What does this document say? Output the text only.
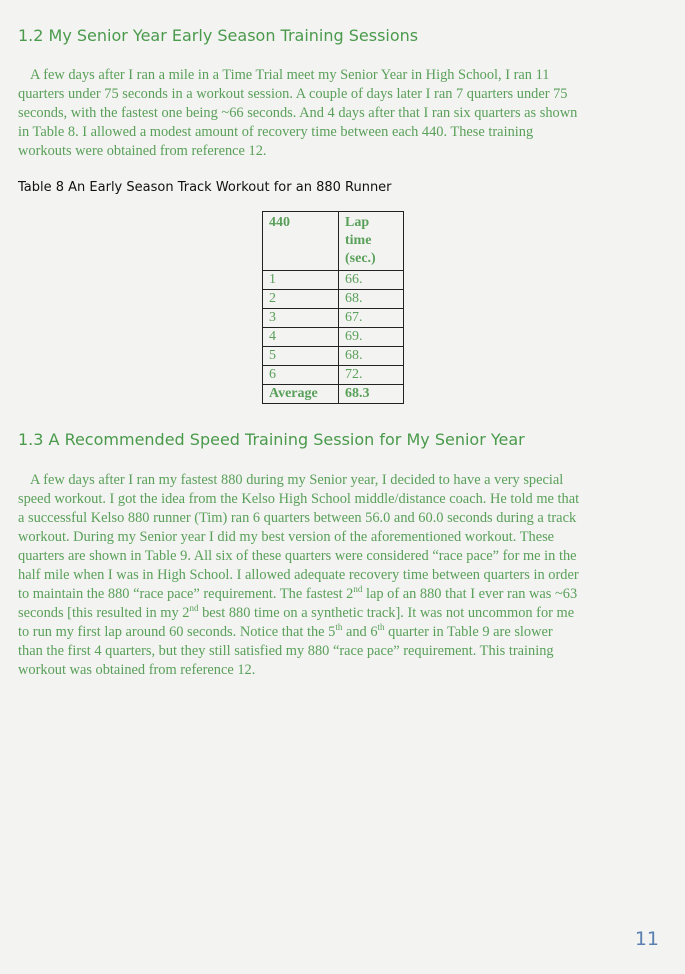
1.2 My Senior Year Early Season Training Sessions

A few days after I ran a mile in a Time Trial meet my Senior Year in High School, I ran 11
quarters under 75 seconds in a workout session. A couple of days later I ran 7 quarters under 75
seconds, with the fastest one being ~66 seconds. And 4 days after that I ran six quarters as shown
in Table 8. I allowed a modest amount of recovery time between each 440. These training
workouts were obtained from reference 12.

Table 8 An Early Season Track Workout for an 880 Runner

440	Lap
time
(sec.)

1	66.
2	68.
3	67.
4	69.
5	68.
6	72.
Average	68.3
1.3 A Recommended Speed Training Session for My Senior Year

A few days after I ran my fastest 880 during my Senior year, I decided to have a very special
speed workout. I got the idea from the Kelso High School middle/distance coach. He told me that
a successful Kelso 880 runner (Tim) ran 6 quarters between 56.0 and 60.0 seconds during a track
workout. During my Senior year I did my best version of the aforementioned workout. These
quarters are shown in Table 9. All six of these quarters were considered “race pace” for me in the
half mile when I was in High School. I allowed adequate recovery time between quarters in order
to maintain the 880 “race pace” requirement. The fastest 2nd lap of an 880 that I ever ran was ~63
seconds [this resulted in my 2nd best 880 time on a synthetic track]. It was not uncommon for me
to run my first lap around 60 seconds. Notice that the 5th and 6th quarter in Table 9 are slower
than the first 4 quarters, but they still satisfied my 880 “race pace” requirement. This training
workout was obtained from reference 12.

11
